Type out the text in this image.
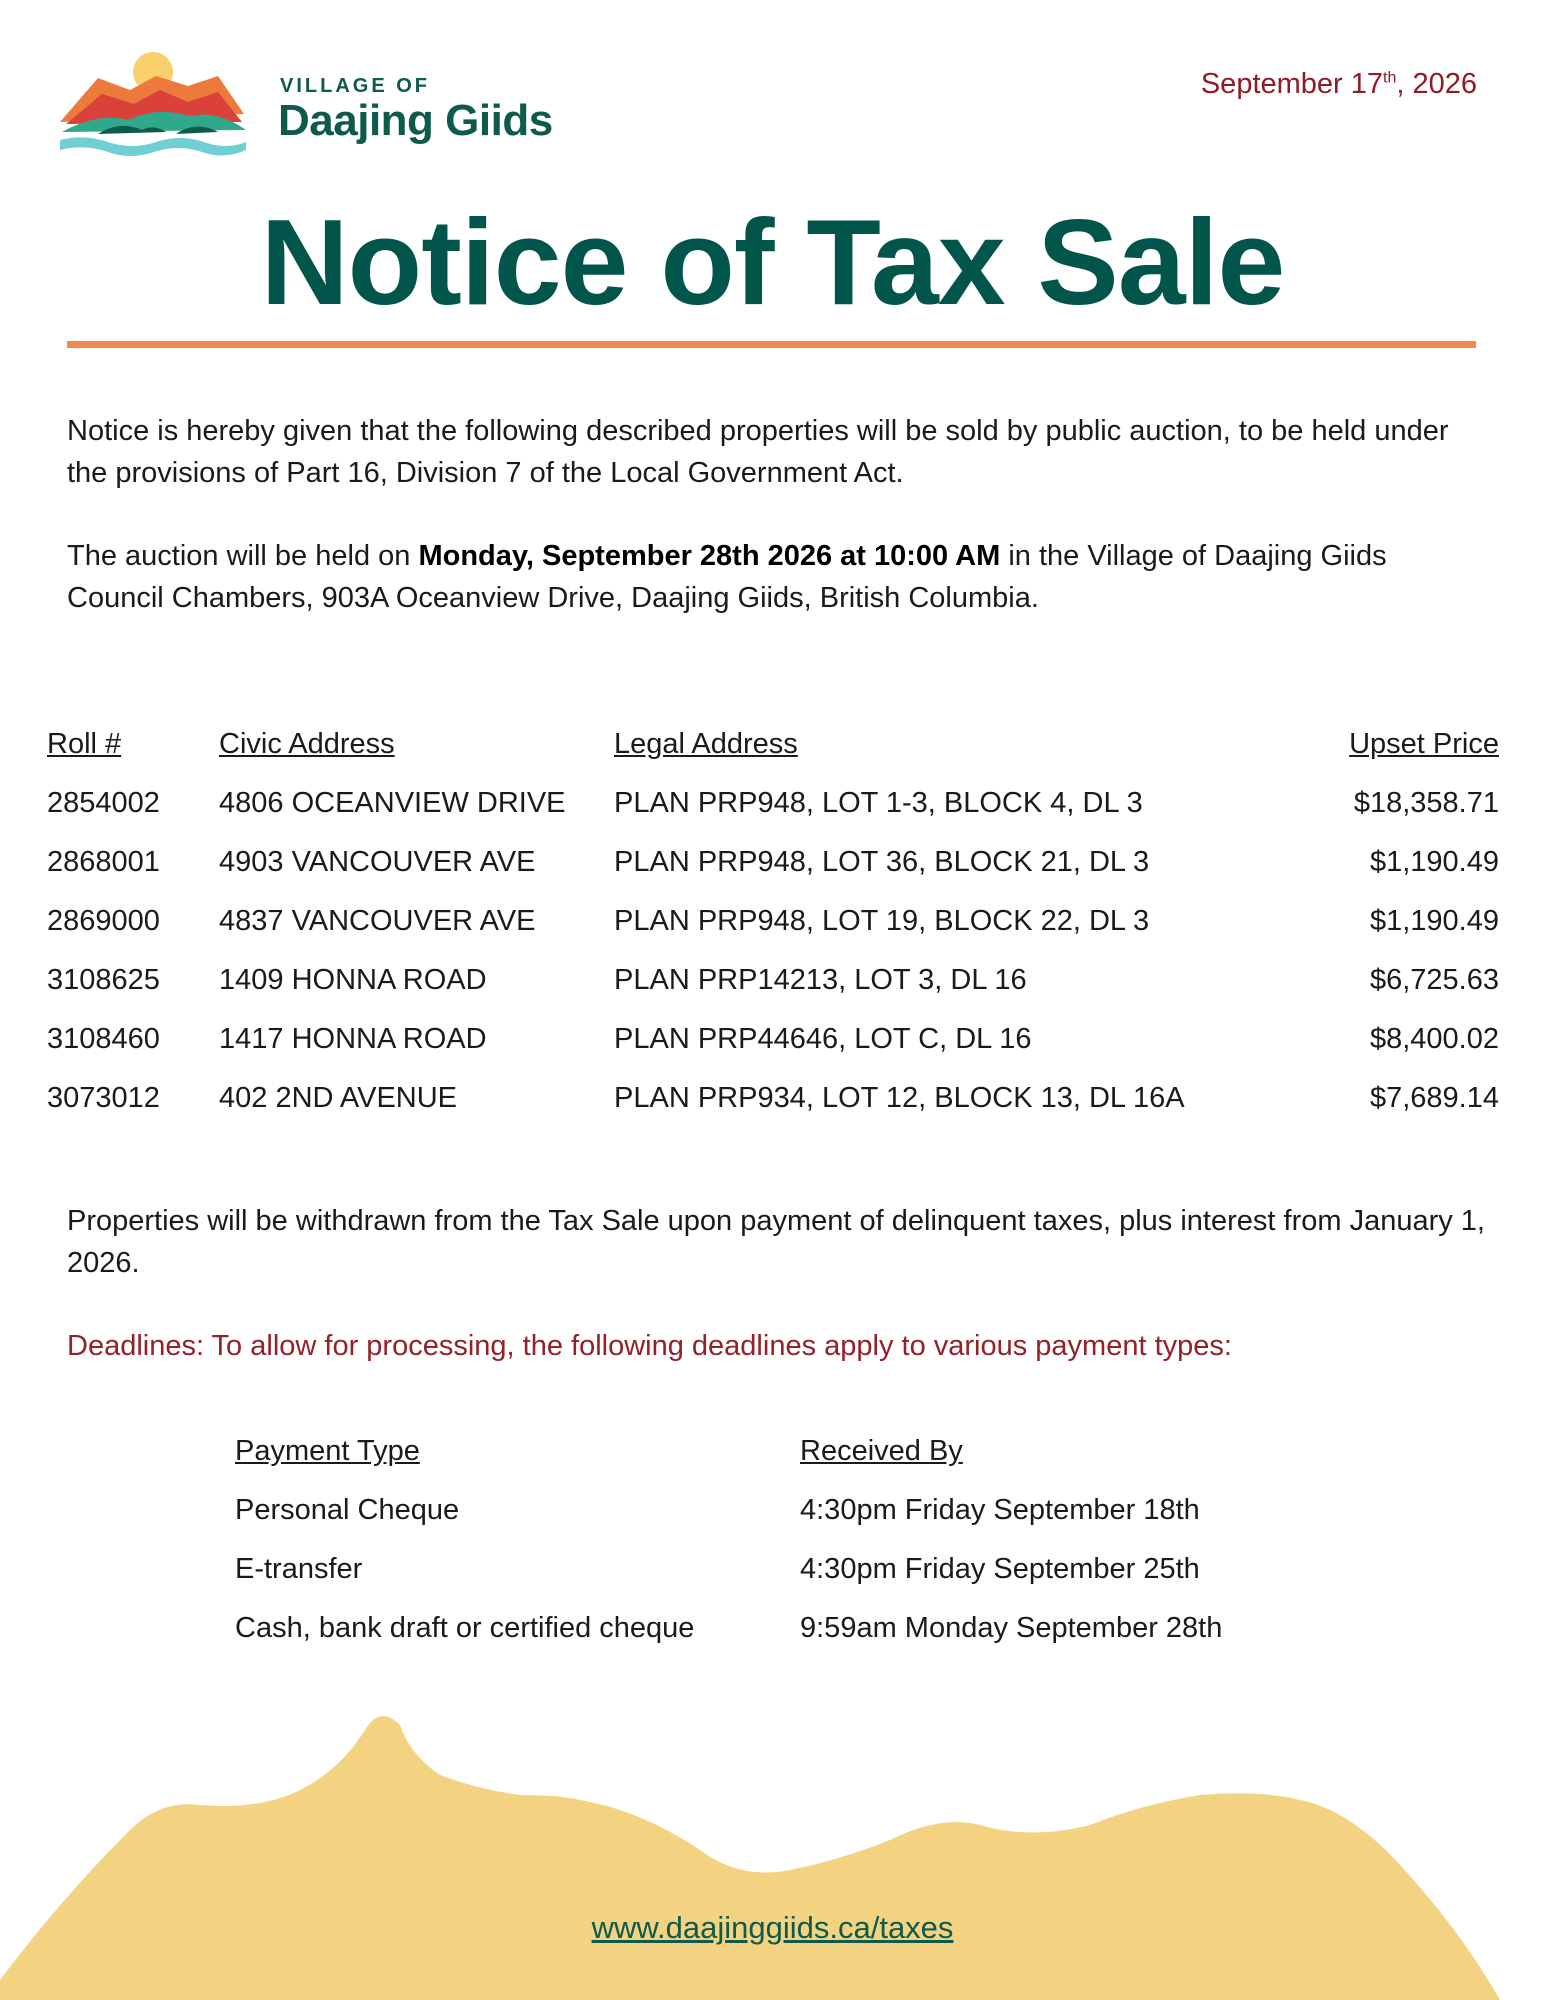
VILLAGE OF
Daajing Giids
September 17th, 2026
Notice of Tax Sale
Notice is hereby given that the following described properties will be sold by public auction, to be held under the provisions of Part 16, Division 7 of the Local Government Act.
The auction will be held on Monday, September 28th 2026 at 10:00 AM in the Village of Daajing Giids Council Chambers, 903A Oceanview Drive, Daajing Giids, British Columbia.
Roll #	Civic Address	Legal Address	Upset Price
2854002 4806 OCEANVIEW DRIVE PLAN PRP948, LOT 1-3, BLOCK 4, DL 3	$18,358.71
2868001 4903 VANCOUVER AVE	PLAN PRP948, LOT 36, BLOCK 21, DL 3	$1,190.49
2869000 4837 VANCOUVER AVE	PLAN PRP948, LOT 19, BLOCK 22, DL 3	$1,190.49
3108625 1409 HONNA ROAD	PLAN PRP14213, LOT 3, DL 16	$6,725.63
3108460 1417 HONNA ROAD	PLAN PRP44646, LOT C, DL 16	$8,400.02
3073012 402 2ND AVENUE	PLAN PRP934, LOT 12, BLOCK 13, DL 16A	$7,689.14
Properties will be withdrawn from the Tax Sale upon payment of delinquent taxes, plus interest from January 1, 2026.
Deadlines: To allow for processing, the following deadlines apply to various payment types:
Payment Type	Received By
Personal Cheque	4:30pm Friday September 18th
E-transfer	4:30pm Friday September 25th
Cash, bank draft or certified cheque	9:59am Monday September 28th
www.daajinggiids.ca/taxes
